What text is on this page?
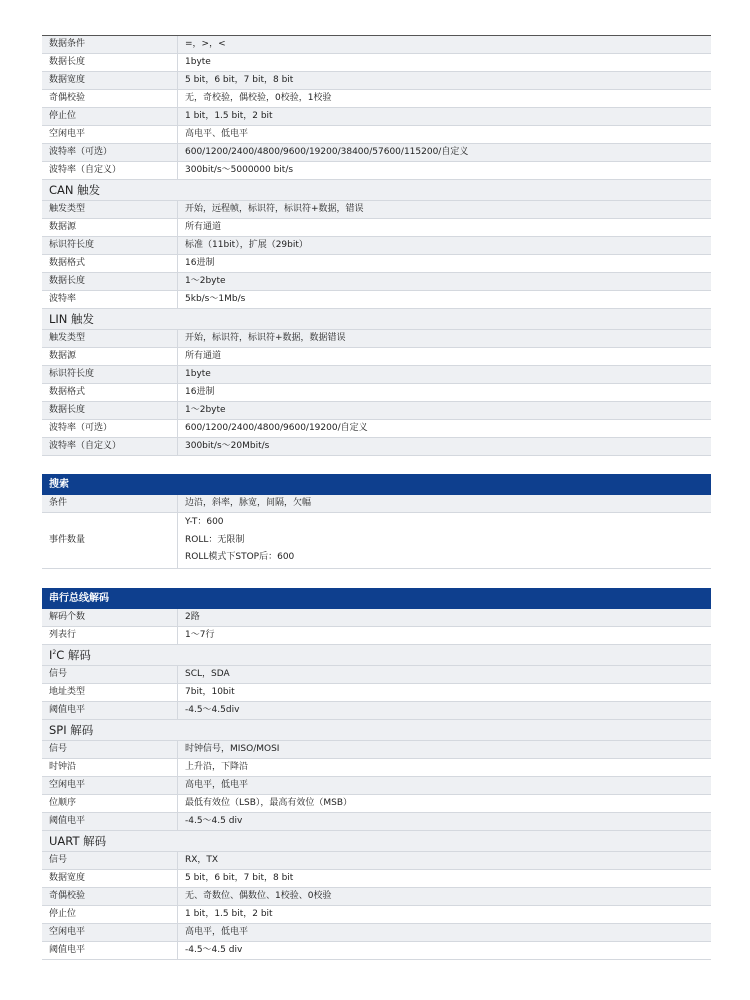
数据条件	=，>，<
数据长度	1byte
数据宽度	5 bit，6 bit，7 bit，8 bit
奇偶校验	无，奇校验，偶校验，0校验，1校验
停止位	1 bit，1.5 bit，2 bit
空闲电平	高电平、低电平
波特率（可选）	600/1200/2400/4800/9600/19200/38400/57600/115200/自定义
波特率（自定义）	300bit/s～5000000 bit/s
CAN 触发	
触发类型	开始，远程帧，标识符，标识符+数据，错误
数据源	所有通道
标识符长度	标准（11bit），扩展（29bit）
数据格式	16进制
数据长度	1～2byte
波特率	5kb/s～1Mb/s
LIN 触发	
触发类型	开始，标识符，标识符+数据，数据错误
数据源	所有通道
标识符长度	1byte
数据格式	16进制
数据长度	1～2byte
波特率（可选）	600/1200/2400/4800/9600/19200/自定义
波特率（自定义）	300bit/s～20Mbit/s
搜索
条件	边沿，斜率，脉宽，间隔，欠幅
事件数量	Y-T：600
ROLL：无限制
ROLL模式下STOP后：600
串行总线解码
解码个数	2路
列表行	1～7行
$I^2C$ 解码	
信号	SCL，SDA
地址类型	7bit，10bit
阈值电平	-4.5～4.5div
SPI 解码	
信号	时钟信号，MISO/MOSI
时钟沿	上升沿，下降沿
空闲电平	高电平，低电平
位顺序	最低有效位（LSB），最高有效位（MSB）
阈值电平	-4.5～4.5 div
UART 解码	
信号	RX，TX
数据宽度	5 bit，6 bit，7 bit，8 bit
奇偶校验	无、奇数位、偶数位、1校验、0校验
停止位	1 bit，1.5 bit，2 bit
空闲电平	高电平，低电平
阈值电平	-4.5～4.5 div
